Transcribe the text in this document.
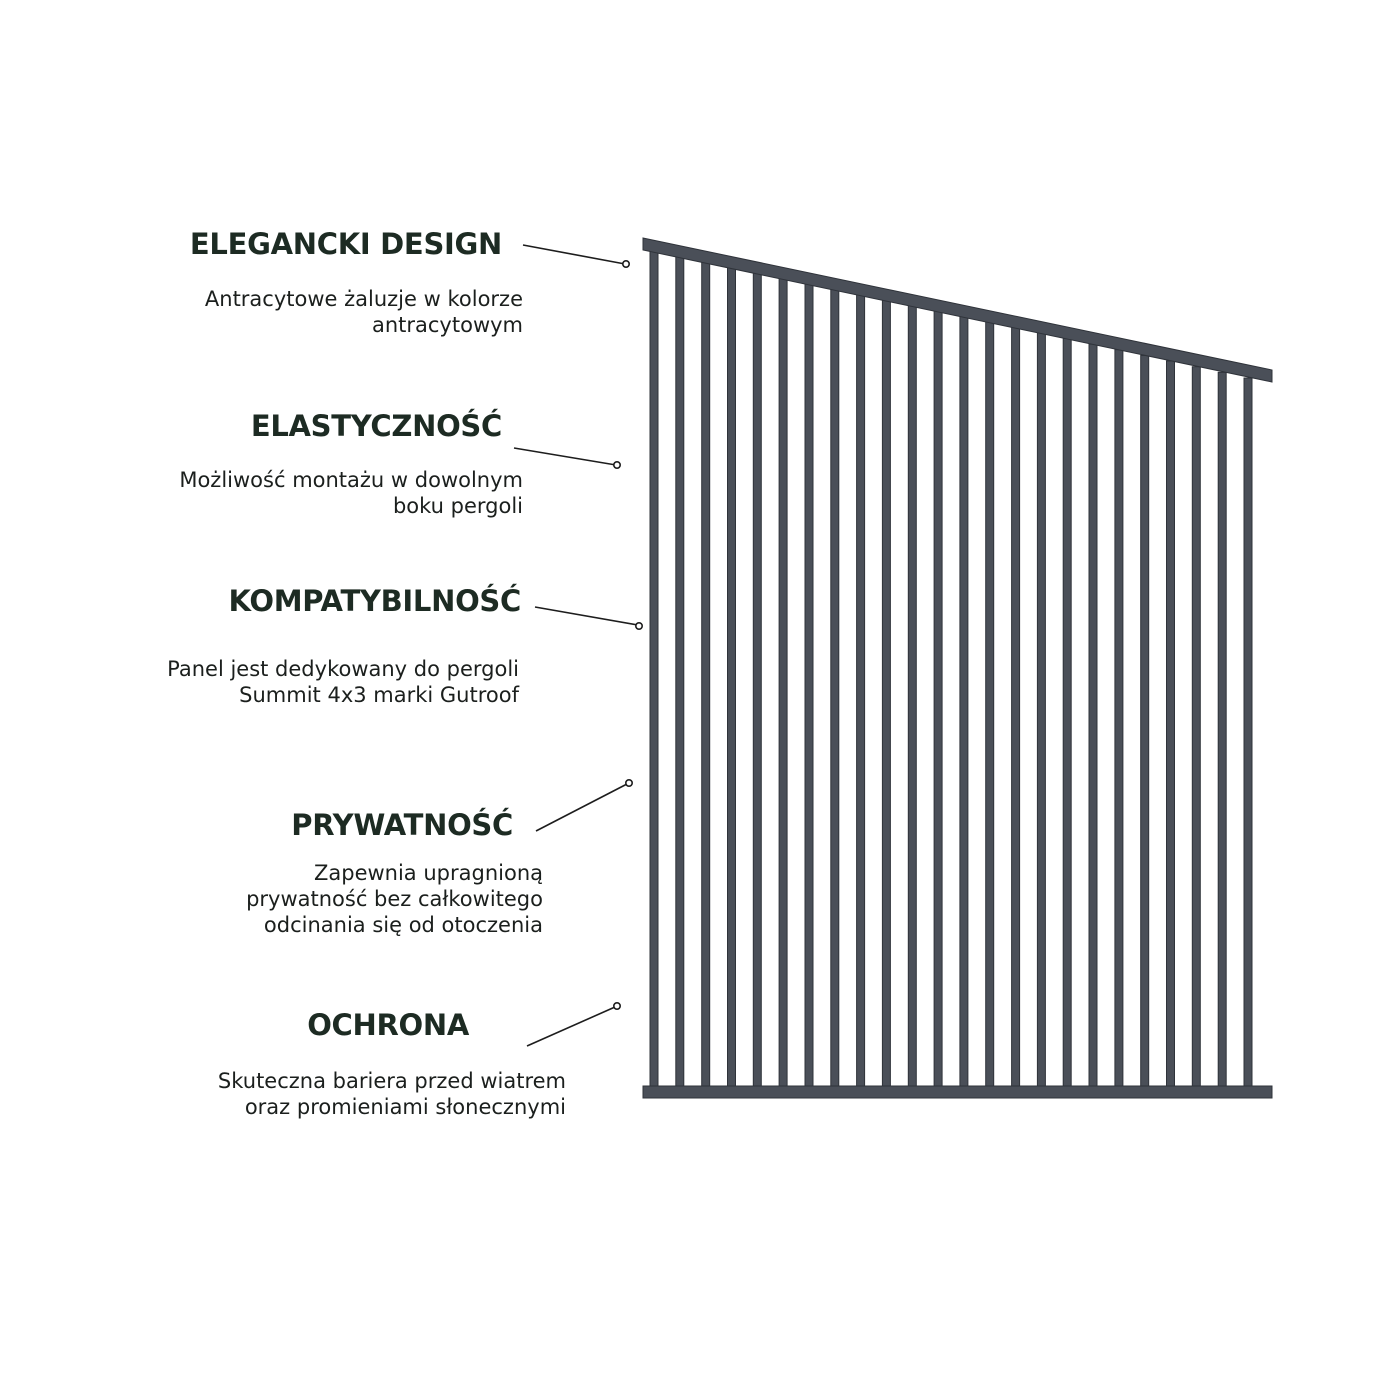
ELEGANCKI DESIGN
Antracytowe żaluzje w kolorze
antracytowym
ELASTYCZNOŚĆ
Możliwość montażu w dowolnym
boku pergoli
KOMPATYBILNOŚĆ
Panel jest dedykowany do pergoli
Summit 4x3 marki Gutroof
PRYWATNOŚĆ
Zapewnia upragnioną
prywatność bez całkowitego
odcinania się od otoczenia
OCHRONA
Skuteczna bariera przed wiatrem
oraz promieniami słonecznymi
